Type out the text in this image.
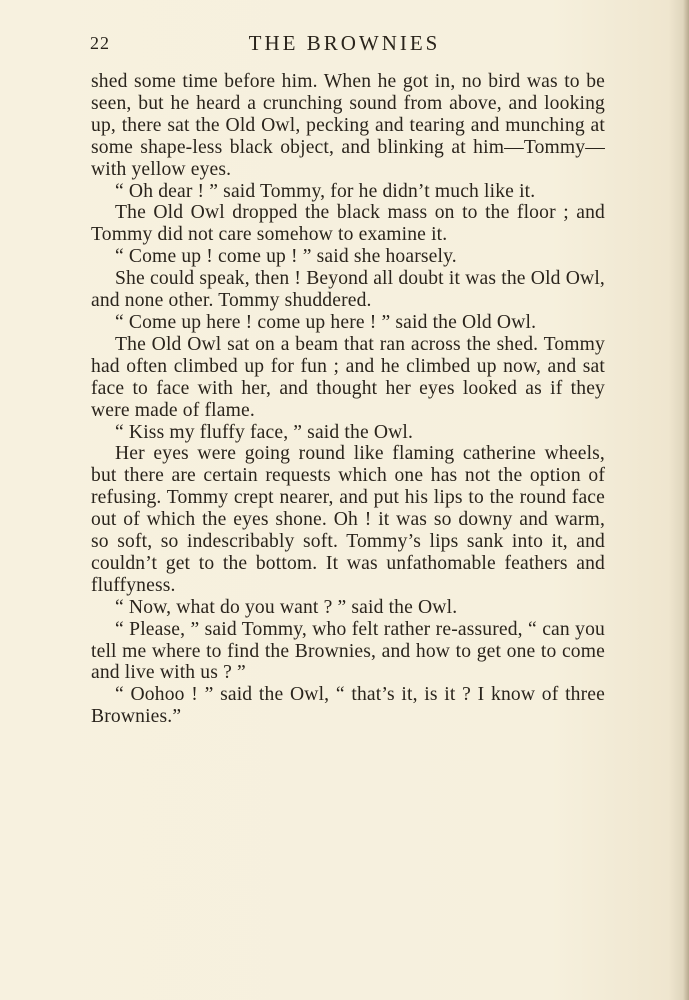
22	THE BROWNIES

shed some time before him. When he got in, no bird was to be seen, but he heard a crunching sound from above, and looking up, there sat the Old Owl, pecking and tearing and munching at some shape-less black object, and blinking at him—Tommy—with yellow eyes.

“ Oh dear ! ” said Tommy, for he didn’t much like it.

The Old Owl dropped the black mass on to the floor ; and Tommy did not care somehow to examine it.

“ Come up ! come up ! ” said she hoarsely.

She could speak, then ! Beyond all doubt it was the Old Owl, and none other. Tommy shuddered.

“ Come up here ! come up here ! ” said the Old Owl.

The Old Owl sat on a beam that ran across the shed. Tommy had often climbed up for fun ; and he climbed up now, and sat face to face with her, and thought her eyes looked as if they were made of flame.

“ Kiss my fluffy face, ” said the Owl.

Her eyes were going round like flaming catherine wheels, but there are certain requests which one has not the option of refusing. Tommy crept nearer, and put his lips to the round face out of which the eyes shone. Oh ! it was so downy and warm, so soft, so indescribably soft. Tommy’s lips sank into it, and couldn’t get to the bottom. It was unfathomable feathers and fluffyness.

“ Now, what do you want ? ” said the Owl.

“ Please, ” said Tommy, who felt rather re-assured, “ can you tell me where to find the Brownies, and how to get one to come and live with us ? ”

“ Oohoo ! ” said the Owl, “ that’s it, is it ? I know of three Brownies.”
